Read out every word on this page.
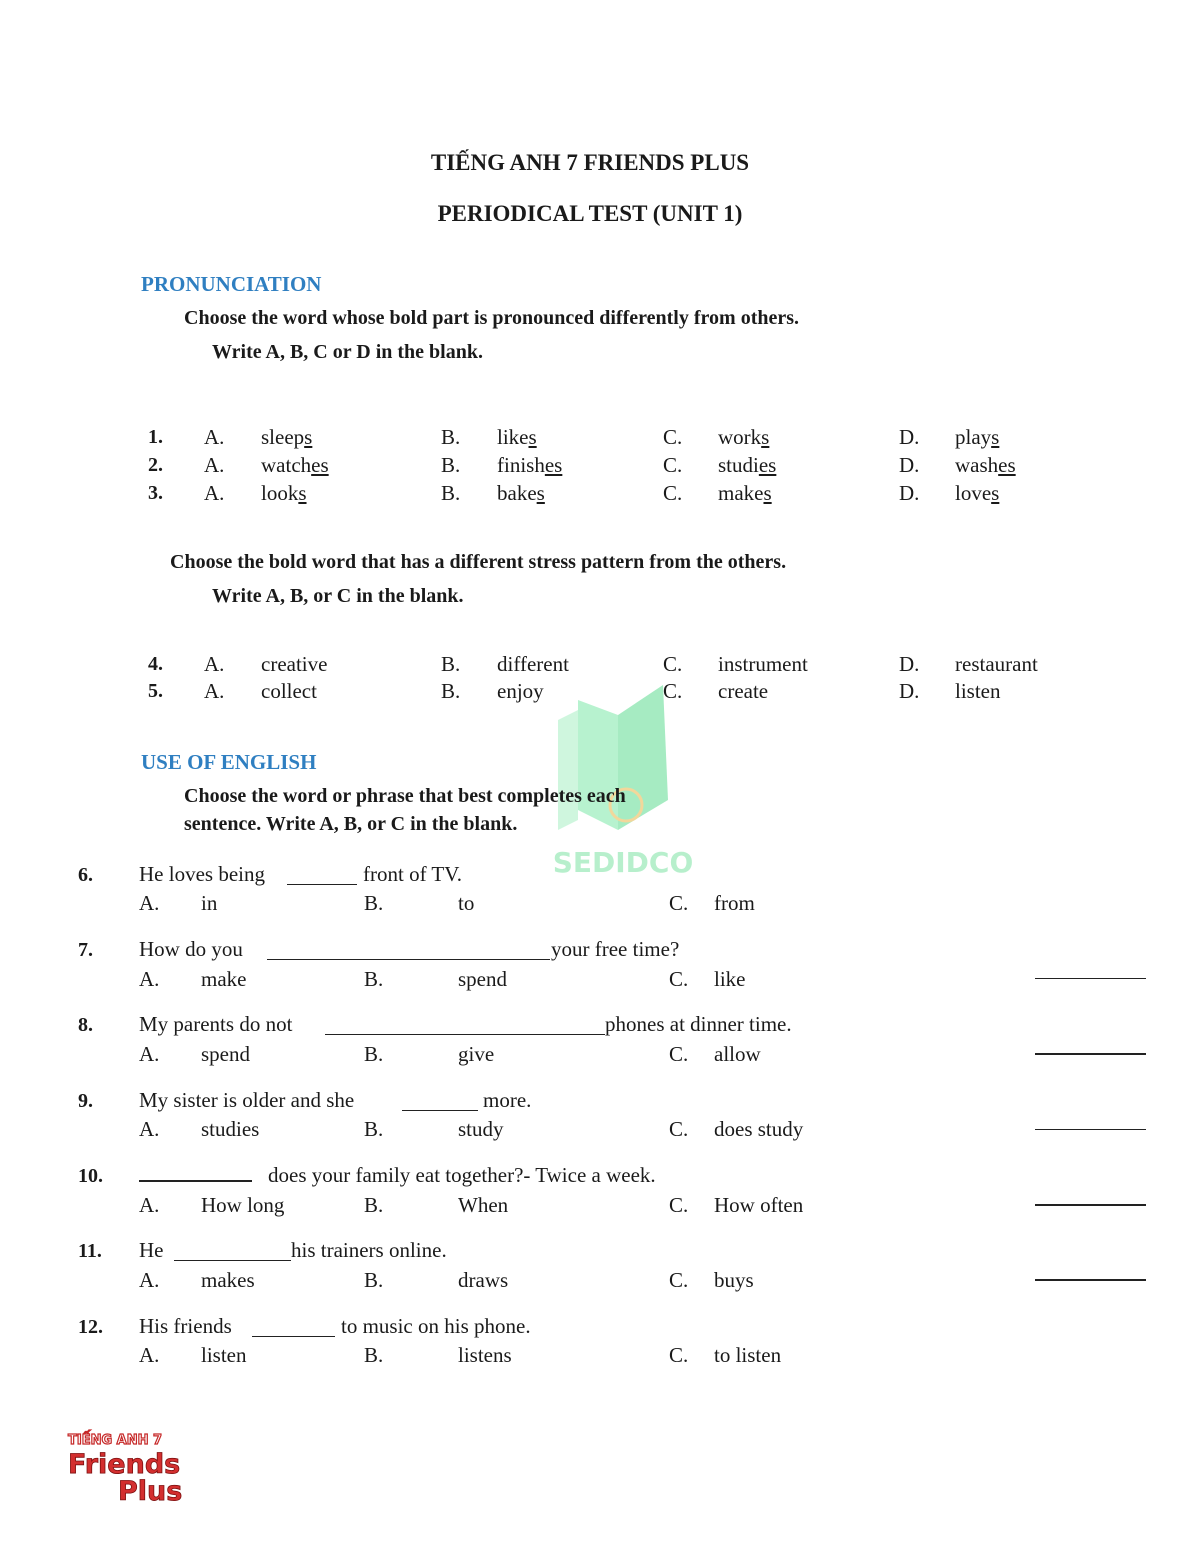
TIẾNG ANH 7 FRIENDS PLUS
PERIODICAL TEST (UNIT 1)
PRONUNCIATION
Choose the word whose bold part is pronounced differently from others.
Write A, B, C or D in the blank.
1. A. sleeps	B. likes	C. works	D. plays
2. A. watches	B. finishes	C. studies	D. washes
3. A. looks	B. bakes	C. makes	D. loves
Choose the bold word that has a different stress pattern from the others.
Write A, B, or C in the blank.
4. A. creative	B. different	C. instrument	D. restaurant
5. A. collect	B. enjoy	C. create	D. listen
SEDIDCO
USE OF ENGLISH
Choose the word or phrase that best completes each
sentence. Write A, B, or C in the blank.
6. He loves being	front of TV.
A. in	B.	to	C. from
7. How do you	your free time?
A. make	B.	spend	C. like
8. My parents do not	phones at dinner time.
A. spend	B.	give	C. allow
9. My sister is older and she	more.
A. studies	B.	study	C. does study
10.	does your family eat together?- Twice a week.
A. How long	B.	When	C. How often
11. He	his trainers online.
A. makes	B.	draws	C. buys
12. His friends	to music on his phone.
A. listen	B.	listens	C. to listen
TIẾNG ANH 7
Friends
Plus
